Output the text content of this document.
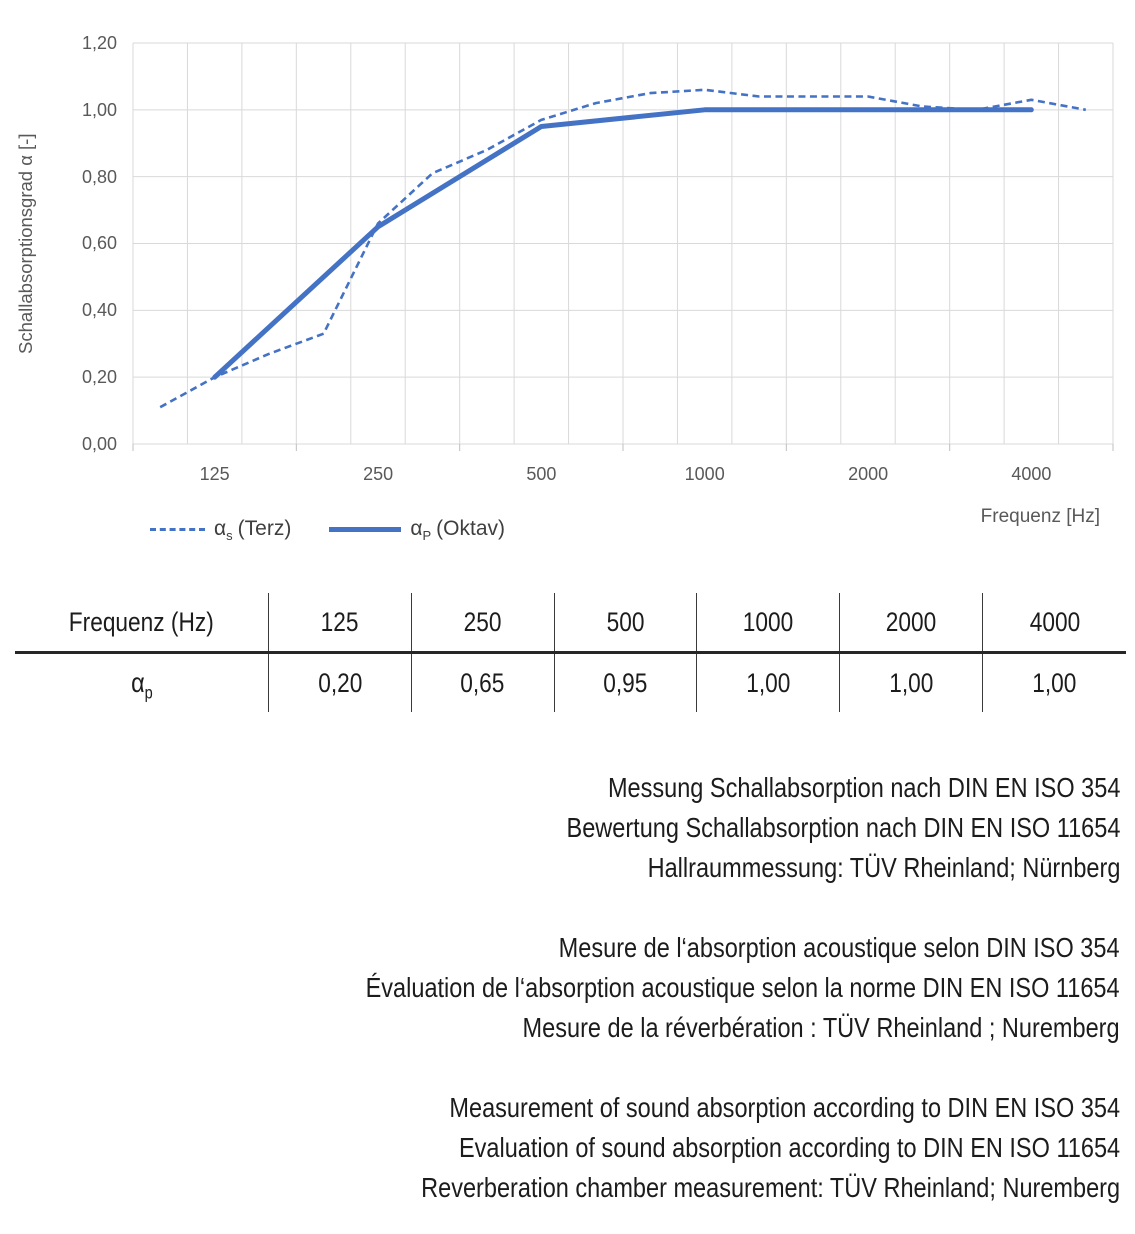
Schallabsorptionsgrad α [-]
1,20
1,00
0,80
0,60
0,40
0,20
0,00
125	250	500	1000	2000	4000
Frequenz [Hz]
$\alpha_s$ (Terz)	$\alpha_P$ (Oktav)
Frequenz (Hz)	125	250	500	1000	2000	4000
$\alpha_p$	0,20	0,65	0,95	1,00	1,00	1,00
Messung Schallabsorption nach DIN EN ISO 354
Bewertung Schallabsorption nach DIN EN ISO 11654
Hallraummessung: TÜV Rheinland; Nürnberg
Mesure de l‘absorption acoustique selon DIN ISO 354
Évaluation de l‘absorption acoustique selon la norme DIN EN ISO 11654
Mesure de la réverbération : TÜV Rheinland ; Nuremberg
Measurement of sound absorption according to DIN EN ISO 354
Evaluation of sound absorption according to DIN EN ISO 11654
Reverberation chamber measurement: TÜV Rheinland; Nuremberg
